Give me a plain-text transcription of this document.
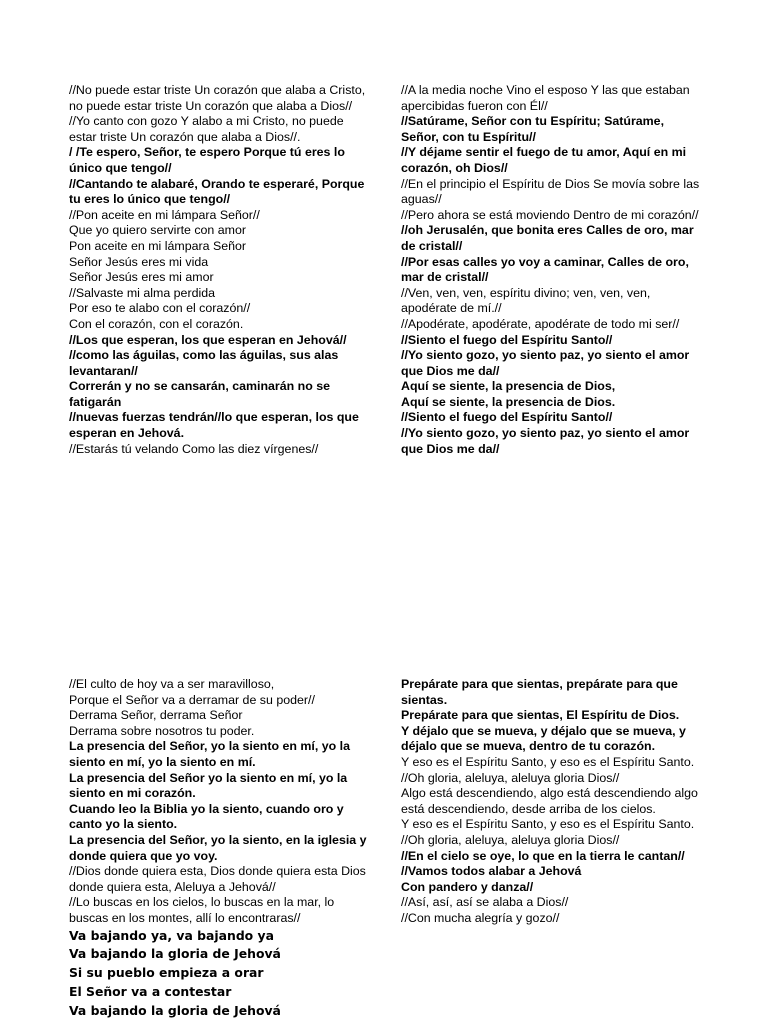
//No puede estar triste Un corazón que alaba a Cristo, no puede estar triste Un corazón que alaba a Dios//

//Yo canto con gozo Y alabo a mi Cristo, no puede estar triste Un corazón que alaba a Dios//.

/ /Te espero, Señor, te espero Porque tú eres lo único que tengo//

//Cantando te alabaré, Orando te esperaré, Porque tu eres lo único que tengo//

//Pon aceite en mi lámpara Señor//

Que yo quiero servirte con amor

Pon aceite en mi lámpara Señor

Señor Jesús eres mi vida

Señor Jesús eres mi amor

//Salvaste mi alma perdida

Por eso te alabo con el corazón//

Con el corazón, con el corazón.

//Los que esperan, los que esperan en Jehová//

//como las águilas, como las águilas, sus alas levantaran//

Correrán y no se cansarán, caminarán no se fatigarán

//nuevas fuerzas tendrán//lo que esperan, los que esperan en Jehová.

//Estarás tú velando Como las diez vírgenes//

//A la media noche Vino el esposo Y las que estaban apercibidas fueron con Él//

//Satúrame, Señor con tu Espíritu; Satúrame, Señor, con tu Espíritu//

//Y déjame sentir el fuego de tu amor, Aquí en mi corazón, oh Dios//

//En el principio el Espíritu de Dios Se movía sobre las aguas//

//Pero ahora se está moviendo Dentro de mi corazón//

//oh Jerusalén, que bonita eres Calles de oro, mar de cristal//

//Por esas calles yo voy a caminar, Calles de oro, mar de cristal//

//Ven, ven, ven, espíritu divino; ven, ven, ven, apodérate de mí.//

//Apodérate, apodérate, apodérate de todo mi ser//

//Siento el fuego del Espíritu Santo//

//Yo siento gozo, yo siento paz, yo siento el amor que Dios me da//

Aquí se siente, la presencia de Dios,

Aquí se siente, la presencia de Dios.

//Siento el fuego del Espíritu Santo//

//Yo siento gozo, yo siento paz, yo siento el amor que Dios me da//

//El culto de hoy va a ser maravilloso,

Porque el Señor va a derramar de su poder//

Derrama Señor, derrama Señor

Derrama sobre nosotros tu poder.

La presencia del Señor, yo la siento en mí, yo la siento en mí, yo la siento en mí.

La presencia del Señor yo la siento en mí, yo la siento en mi corazón.

Cuando leo la Biblia yo la siento, cuando oro y canto yo la siento.

La presencia del Señor, yo la siento, en la iglesia y donde quiera que yo voy.

//Dios donde quiera esta, Dios donde quiera esta Dios donde quiera esta, Aleluya a Jehová//

//Lo buscas en los cielos, lo buscas en la mar, lo buscas en los montes, allí lo encontraras//

Va bajando ya, va bajando ya

Va bajando la gloria de Jehová

Si su pueblo empieza a orar

El Señor va a contestar

Va bajando la gloria de Jehová

Prepárate para que sientas, prepárate para que sientas.

Prepárate para que sientas, El Espíritu de Dios.

Y déjalo que se mueva, y déjalo que se mueva, y déjalo que se mueva, dentro de tu corazón.

Y eso es el Espíritu Santo, y eso es el Espíritu Santo.

//Oh gloria, aleluya, aleluya gloria Dios//

Algo está descendiendo, algo está descendiendo algo está descendiendo, desde arriba de los cielos.

Y eso es el Espíritu Santo, y eso es el Espíritu Santo.

//Oh gloria, aleluya, aleluya gloria Dios//

//En el cielo se oye, lo que en la tierra le cantan//

//Vamos todos alabar a Jehová

Con pandero y danza//

//Así, así, así se alaba a Dios//

//Con mucha alegría y gozo//
